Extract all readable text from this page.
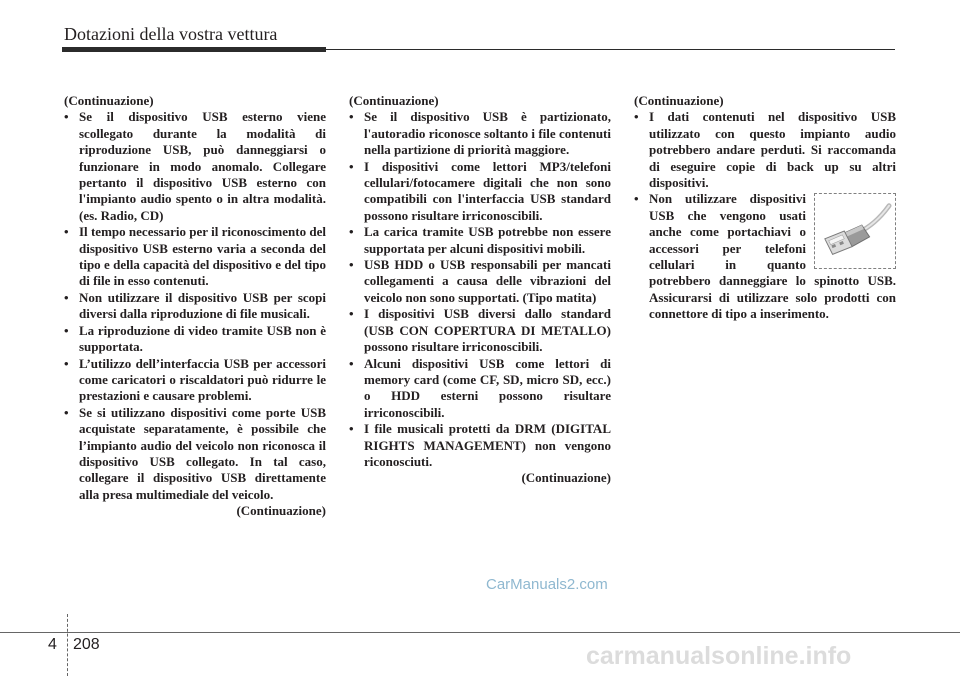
Dotazioni della vostra vettura

(Continuazione)

• Se il dispositivo USB esterno viene scollegato durante la modalità di riproduzione USB, può danneggiarsi o funzionare in modo anomalo. Collegare pertanto il dispositivo USB esterno con l'impianto audio spento o in altra modalità. (es. Radio, CD)
• Il tempo necessario per il riconoscimento del dispositivo USB esterno varia a seconda del tipo e della capacità del dispositivo e del tipo di file in esso contenuti.
• Non utilizzare il dispositivo USB per scopi diversi dalla riproduzione di file musicali.
• La riproduzione di video tramite USB non è supportata.
• L’utilizzo dell’interfaccia USB per accessori come caricatori o riscaldatori può ridurre le prestazioni e causare problemi.
• Se si utilizzano dispositivi come porte USB acquistate separatamente, è possibile che l’impianto audio del veicolo non riconosca il dispositivo USB collegato. In tal caso, collegare il dispositivo USB direttamente alla presa multimediale del veicolo.

(Continuazione)

(Continuazione)

• Se il dispositivo USB è partizionato, l'autoradio riconosce soltanto i file contenuti nella partizione di priorità maggiore.
• I dispositivi come lettori MP3/telefoni cellulari/fotocamere digitali che non sono compatibili con l'interfaccia USB standard possono risultare irriconoscibili.
• La carica tramite USB potrebbe non essere supportata per alcuni dispositivi mobili.
• USB HDD o USB responsabili per mancati collegamenti a causa delle vibrazioni del veicolo non sono supportati. (Tipo matita)
• I dispositivi USB diversi dallo standard (USB CON COPERTURA DI METALLO) possono risultare irriconoscibili.
• Alcuni dispositivi USB come lettori di memory card (come CF, SD, micro SD, ecc.) o HDD esterni possono risultare irriconoscibili.
• I file musicali protetti da DRM (DIGITAL RIGHTS MANAGEMENT) non vengono riconosciuti.

(Continuazione)

(Continuazione)

• I dati contenuti nel dispositivo USB utilizzato con questo impianto audio potrebbero andare perduti. Si raccomanda di eseguire copie di back up su altri dispositivi.
• Non utilizzare dispositivi USB che vengono usati anche come portachiavi o accessori per telefoni cellulari in quanto potrebbero danneggiare lo spinotto USB. Assicurarsi di utilizzare solo prodotti con connettore di tipo a inserimento.
CarManuals2.com
4 208	carmanualsonline.info
